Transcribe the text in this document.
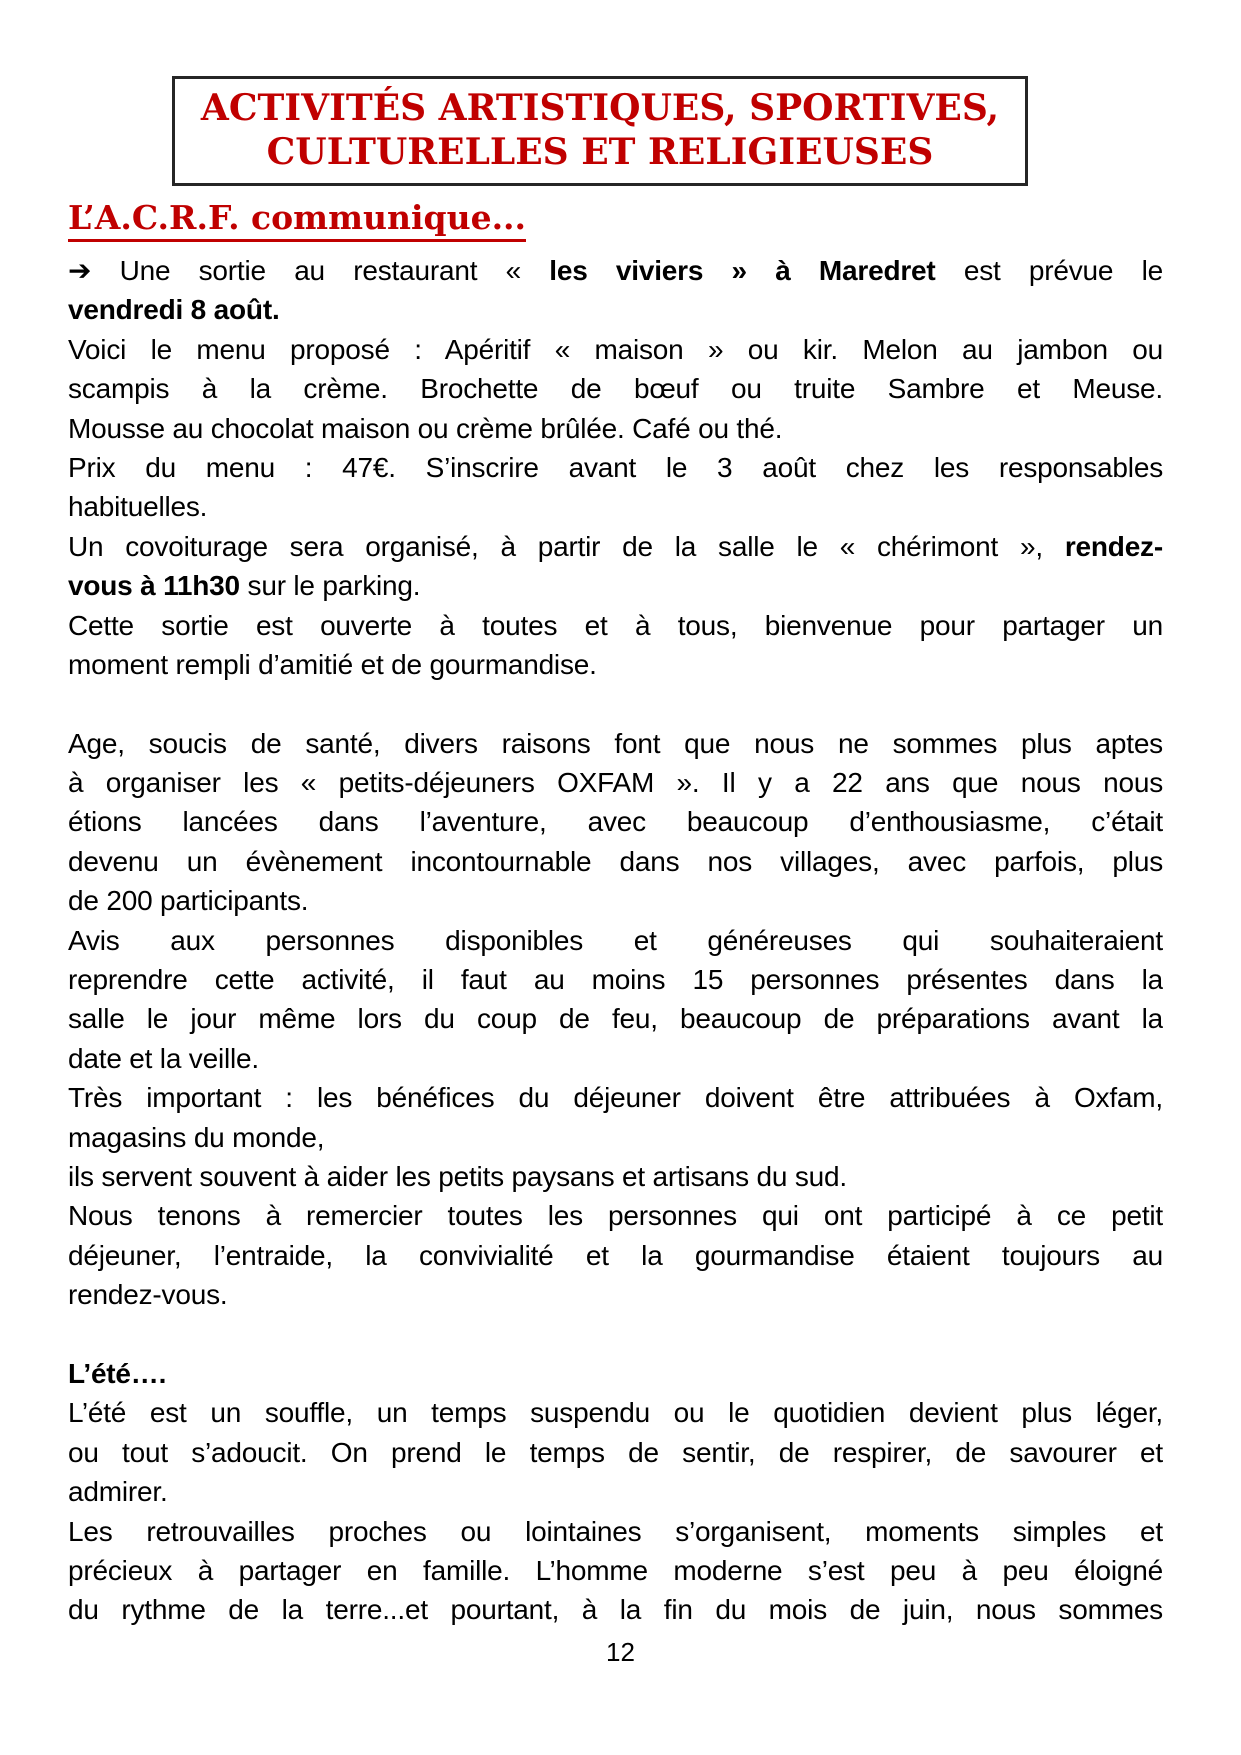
ACTIVITÉS ARTISTIQUES, SPORTIVES,
CULTURELLES ET RELIGIEUSES
L’A.C.R.F. communique...
➔ Une sortie au restaurant « les viviers » à Maredret est prévue le
vendredi 8 août.
Voici le menu proposé : Apéritif « maison » ou kir. Melon au jambon ou
scampis à la crème. Brochette de bœuf ou truite Sambre et Meuse.
Mousse au chocolat maison ou crème brûlée. Café ou thé.
Prix du menu : 47€. S’inscrire avant le 3 août chez les responsables
habituelles.
Un covoiturage sera organisé, à partir de la salle le « chérimont », rendez-
vous à 11h30 sur le parking.
Cette sortie est ouverte à toutes et à tous, bienvenue pour partager un
moment rempli d’amitié et de gourmandise.
Age, soucis de santé, divers raisons font que nous ne sommes plus aptes
à organiser les « petits-déjeuners OXFAM ». Il y a 22 ans que nous nous
étions lancées dans l’aventure, avec beaucoup d’enthousiasme, c’était
devenu un évènement incontournable dans nos villages, avec parfois, plus
de 200 participants.
Avis aux personnes disponibles et généreuses qui souhaiteraient
reprendre cette activité, il faut au moins 15 personnes présentes dans la
salle le jour même lors du coup de feu, beaucoup de préparations avant la
date et la veille.
Très important : les bénéfices du déjeuner doivent être attribuées à Oxfam,
magasins du monde,
ils servent souvent à aider les petits paysans et artisans du sud.
Nous tenons à remercier toutes les personnes qui ont participé à ce petit
déjeuner, l’entraide, la convivialité et la gourmandise étaient toujours au
rendez-vous.
L’été….
L’été est un souffle, un temps suspendu ou le quotidien devient plus léger,
ou tout s’adoucit. On prend le temps de sentir, de respirer, de savourer et
admirer.
Les retrouvailles proches ou lointaines s’organisent, moments simples et
précieux à partager en famille. L’homme moderne s’est peu à peu éloigné
du rythme de la terre...et pourtant, à la fin du mois de juin, nous sommes
12
